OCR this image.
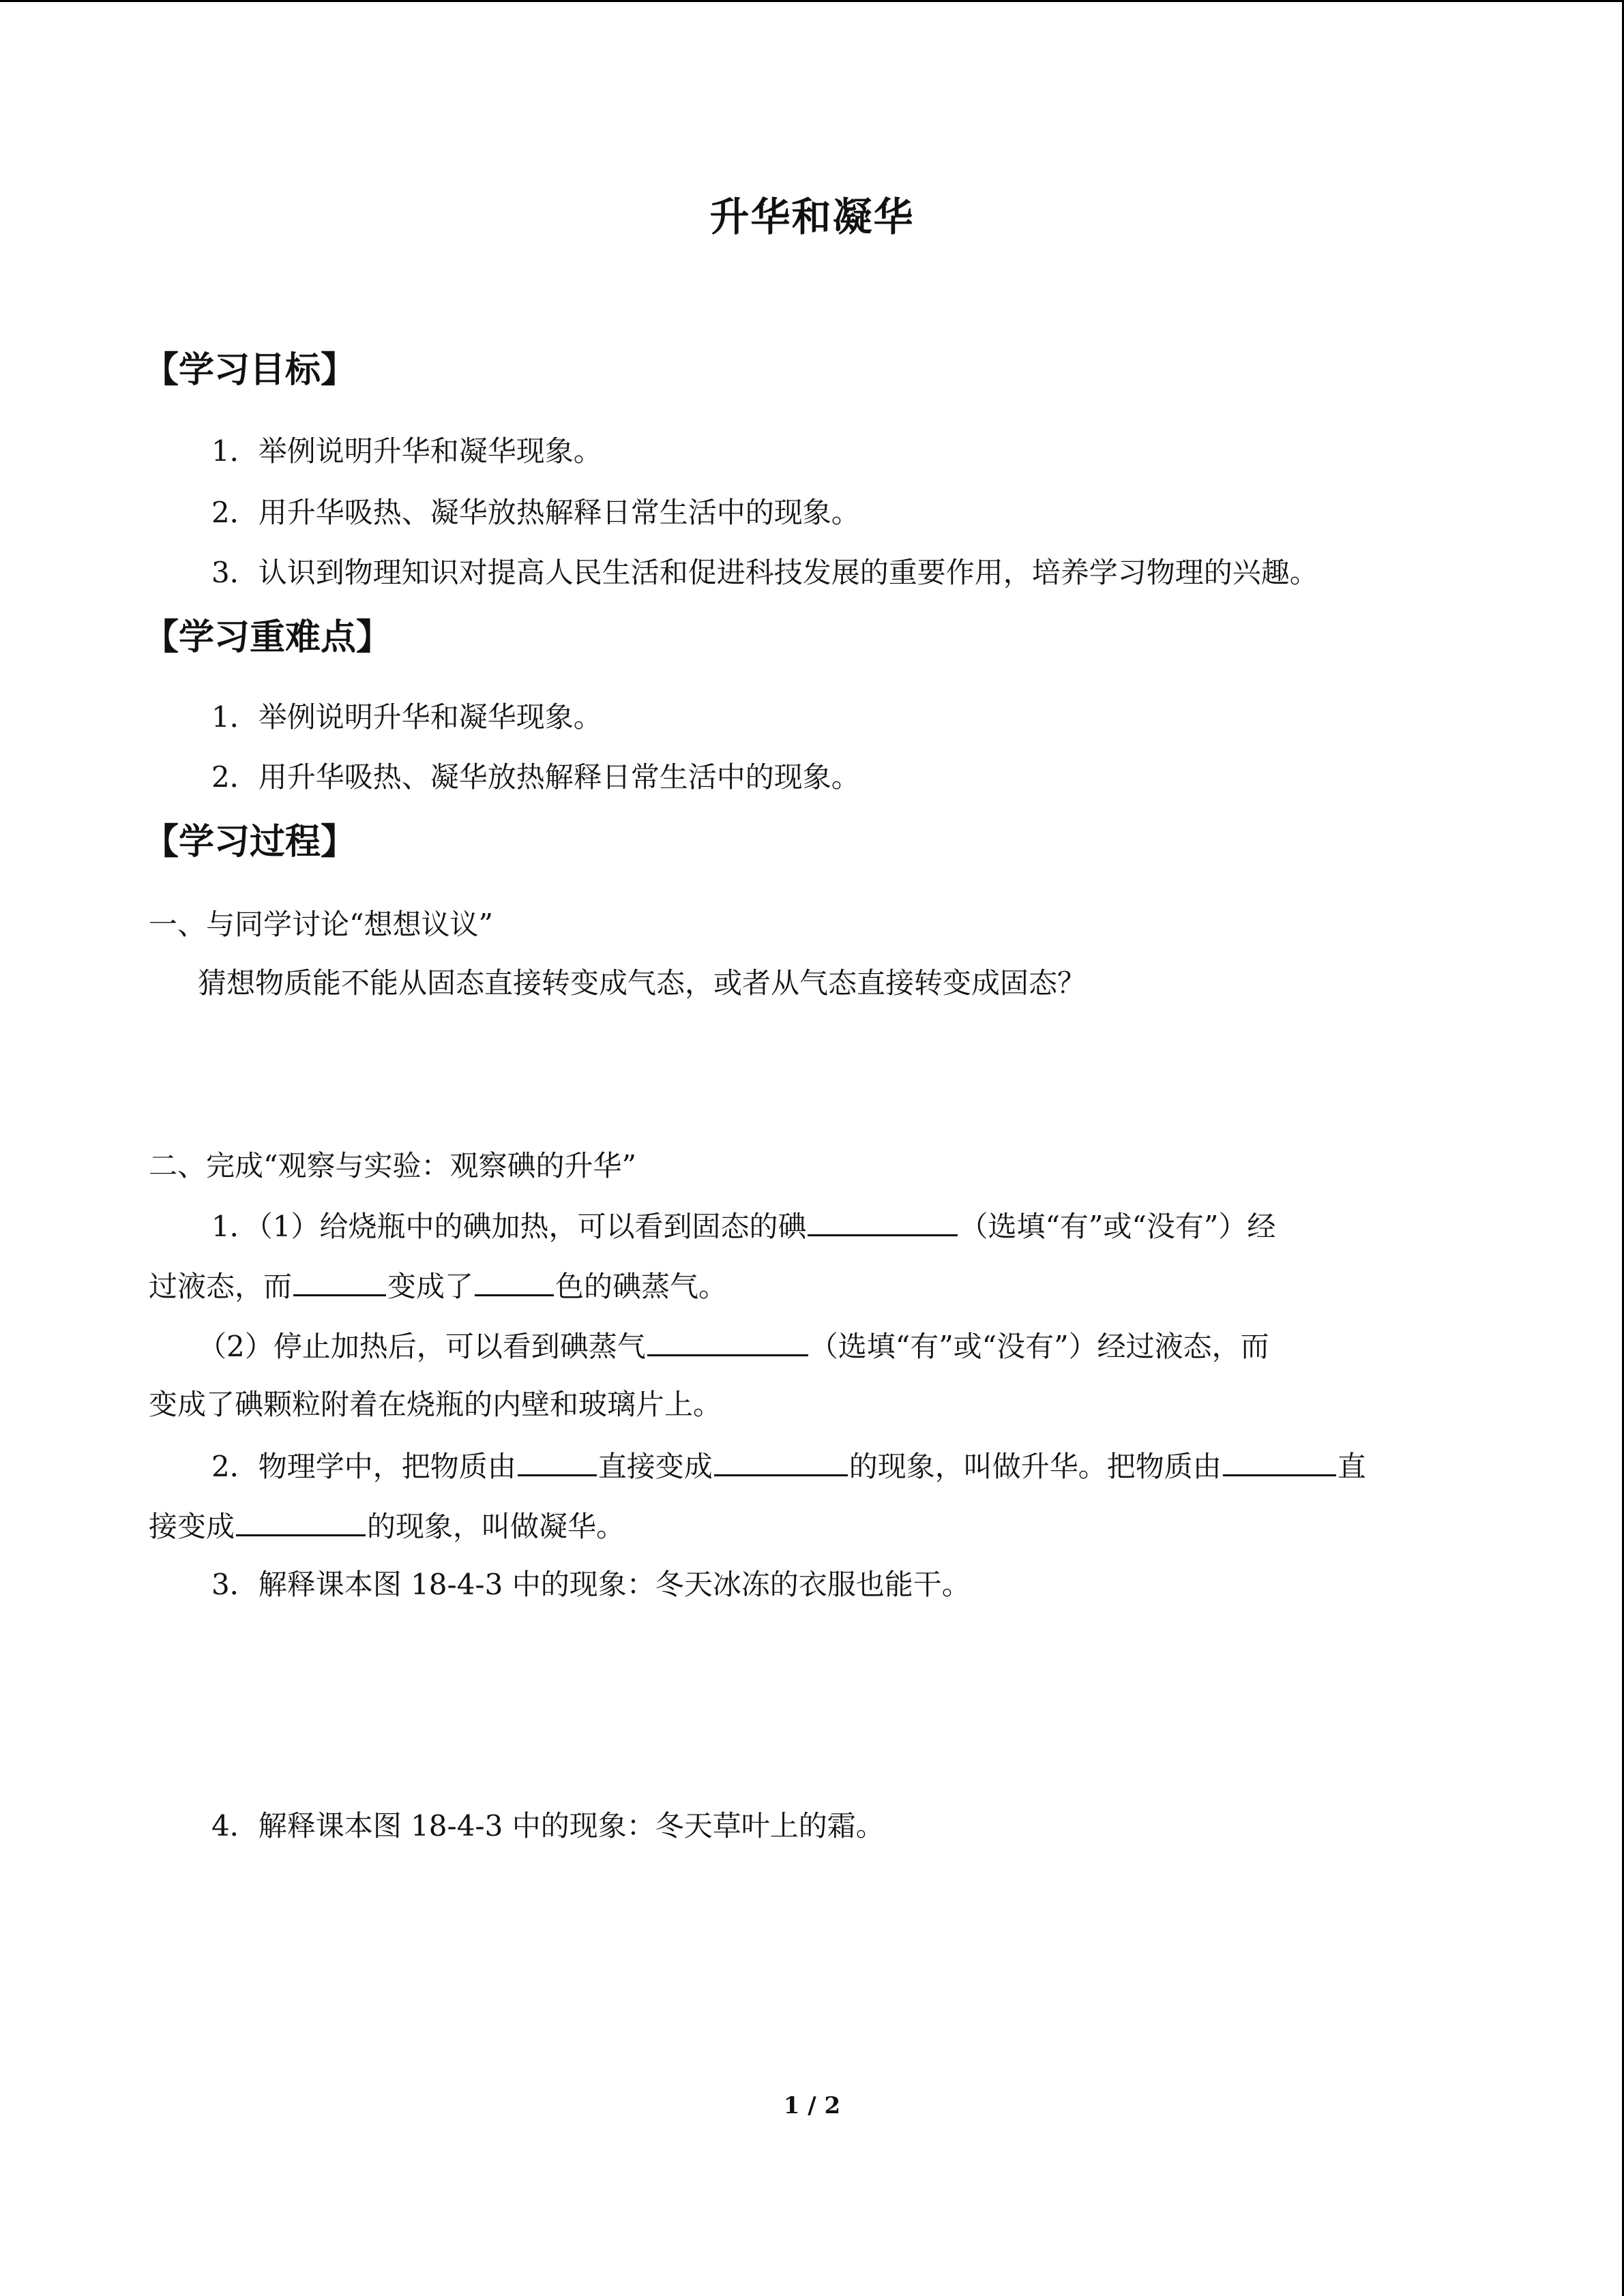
升华和凝华
【学习目标】
1．举例说明升华和凝华现象。
2．用升华吸热、凝华放热解释日常生活中的现象。
3．认识到物理知识对提高人民生活和促进科技发展的重要作用，培养学习物理的兴趣。
【学习重难点】
1．举例说明升华和凝华现象。
2．用升华吸热、凝华放热解释日常生活中的现象。
【学习过程】
一、与同学讨论“想想议议”
猜想物质能不能从固态直接转变成气态，或者从气态直接转变成固态？
二、完成“观察与实验：观察碘的升华”
1．（1）给烧瓶中的碘加热，可以看到固态的碘	（选填“有”或“没有”）经
过液态，而	变成了	色的碘蒸气。
（2）停止加热后，可以看到碘蒸气	（选填“有”或“没有”）经过液态，而
变成了碘颗粒附着在烧瓶的内壁和玻璃片上。
2．物理学中，把物质由	直接变成	的现象，叫做升华。把物质由	直
接变成	的现象，叫做凝华。
3．解释课本图 18-4-3 中的现象：冬天冰冻的衣服也能干。
4．解释课本图 18-4-3 中的现象：冬天草叶上的霜。
1 / 2
